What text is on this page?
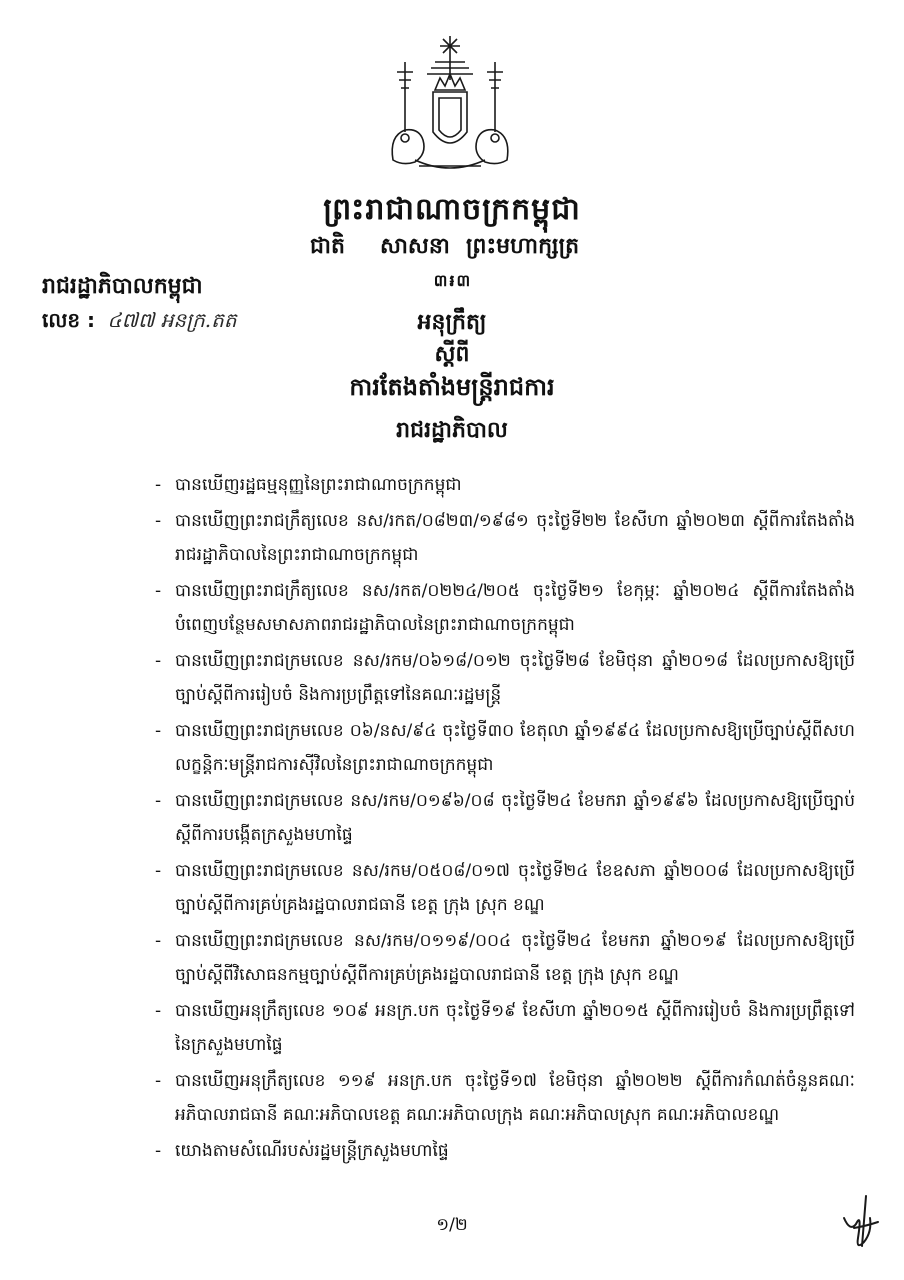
ព្រះរាជាណាចក្រកម្ពុជា
ជាតិ សាសនា ព្រះមហាក្សត្រ
៣៛៣
រាជរដ្ឋាភិបាលកម្ពុជា
លេខ : ៤៧៧ អនក្រ.តត	អនុក្រឹត្យ
ស្តីពី
ការតែងតាំងមន្ត្រីរាជការ
រាជរដ្ឋាភិបាល
- បានឃើញរដ្ឋធម្មនុញ្ញនៃព្រះរាជាណាចក្រកម្ពុជា
- បានឃើញព្រះរាជក្រឹត្យលេខ នស/រកត/០៨២៣/១៩៨១ ចុះថ្ងៃទី២២ ខែសីហា ឆ្នាំ២០២៣ ស្តីពីការតែងតាំងរាជរដ្ឋាភិបាលនៃព្រះរាជាណាចក្រកម្ពុជា
- បានឃើញព្រះរាជក្រឹត្យលេខ នស/រកត/០២២៤/២០៥ ចុះថ្ងៃទី២១ ខែកុម្ភៈ ឆ្នាំ២០២៤ ស្តីពីការតែងតាំងបំពេញបន្ថែមសមាសភាពរាជរដ្ឋាភិបាលនៃព្រះរាជាណាចក្រកម្ពុជា
- បានឃើញព្រះរាជក្រមលេខ នស/រកម/០៦១៨/០១២ ចុះថ្ងៃទី២៨ ខែមិថុនា ឆ្នាំ២០១៨ ដែលប្រកាសឱ្យប្រើច្បាប់ស្តីពីការរៀបចំ និងការប្រព្រឹត្តទៅនៃគណៈរដ្ឋមន្ត្រី
- បានឃើញព្រះរាជក្រមលេខ ០៦/នស/៩៤ ចុះថ្ងៃទី៣០ ខែតុលា ឆ្នាំ១៩៩៤ ដែលប្រកាសឱ្យប្រើច្បាប់ស្តីពីសហលក្ខន្តិកៈមន្ត្រីរាជការស៊ីវិលនៃព្រះរាជាណាចក្រកម្ពុជា
- បានឃើញព្រះរាជក្រមលេខ នស/រកម/០១៩៦/០៨ ចុះថ្ងៃទី២៤ ខែមករា ឆ្នាំ១៩៩៦ ដែលប្រកាសឱ្យប្រើច្បាប់ស្តីពីការបង្កើតក្រសួងមហាផ្ទៃ
- បានឃើញព្រះរាជក្រមលេខ នស/រកម/០៥០៨/០១៧ ចុះថ្ងៃទី២៤ ខែឧសភា ឆ្នាំ២០០៨ ដែលប្រកាសឱ្យប្រើច្បាប់ស្តីពីការគ្រប់គ្រងរដ្ឋបាលរាជធានី ខេត្ត ក្រុង ស្រុក ខណ្ឌ
- បានឃើញព្រះរាជក្រមលេខ នស/រកម/០១១៩/០០៤ ចុះថ្ងៃទី២៤ ខែមករា ឆ្នាំ២០១៩ ដែលប្រកាសឱ្យប្រើច្បាប់ស្តីពីវិសោធនកម្មច្បាប់ស្តីពីការគ្រប់គ្រងរដ្ឋបាលរាជធានី ខេត្ត ក្រុង ស្រុក ខណ្ឌ
- បានឃើញអនុក្រឹត្យលេខ ១០៩ អនក្រ.បក ចុះថ្ងៃទី១៩ ខែសីហា ឆ្នាំ២០១៥ ស្តីពីការរៀបចំ និងការប្រព្រឹត្តទៅនៃក្រសួងមហាផ្ទៃ
- បានឃើញអនុក្រឹត្យលេខ ១១៩ អនក្រ.បក ចុះថ្ងៃទី១៧ ខែមិថុនា ឆ្នាំ២០២២ ស្តីពីការកំណត់ចំនួនគណៈអភិបាលរាជធានី គណៈអភិបាលខេត្ត គណៈអភិបាលក្រុង គណៈអភិបាលស្រុក គណៈអភិបាលខណ្ឌ
- យោងតាមសំណើរបស់រដ្ឋមន្ត្រីក្រសួងមហាផ្ទៃ
១/២
